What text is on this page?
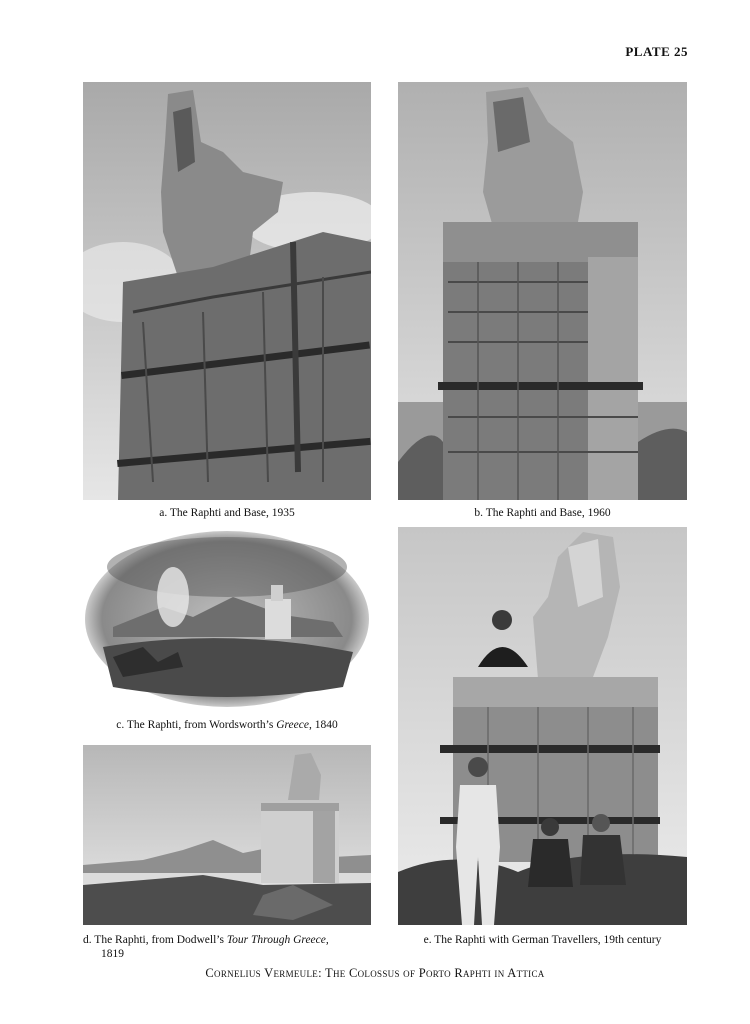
PLATE 25
a. The Raphti and Base, 1935	b. The Raphti and Base, 1960
c. The Raphti, from Wordsworth’s Greece, 1840
d. The Raphti, from Dodwell’s Tour Through Greece,
1819
e. The Raphti with German Travellers, 19th century
Cornelius Vermeule: The Colossus of Porto Raphti in Attica
